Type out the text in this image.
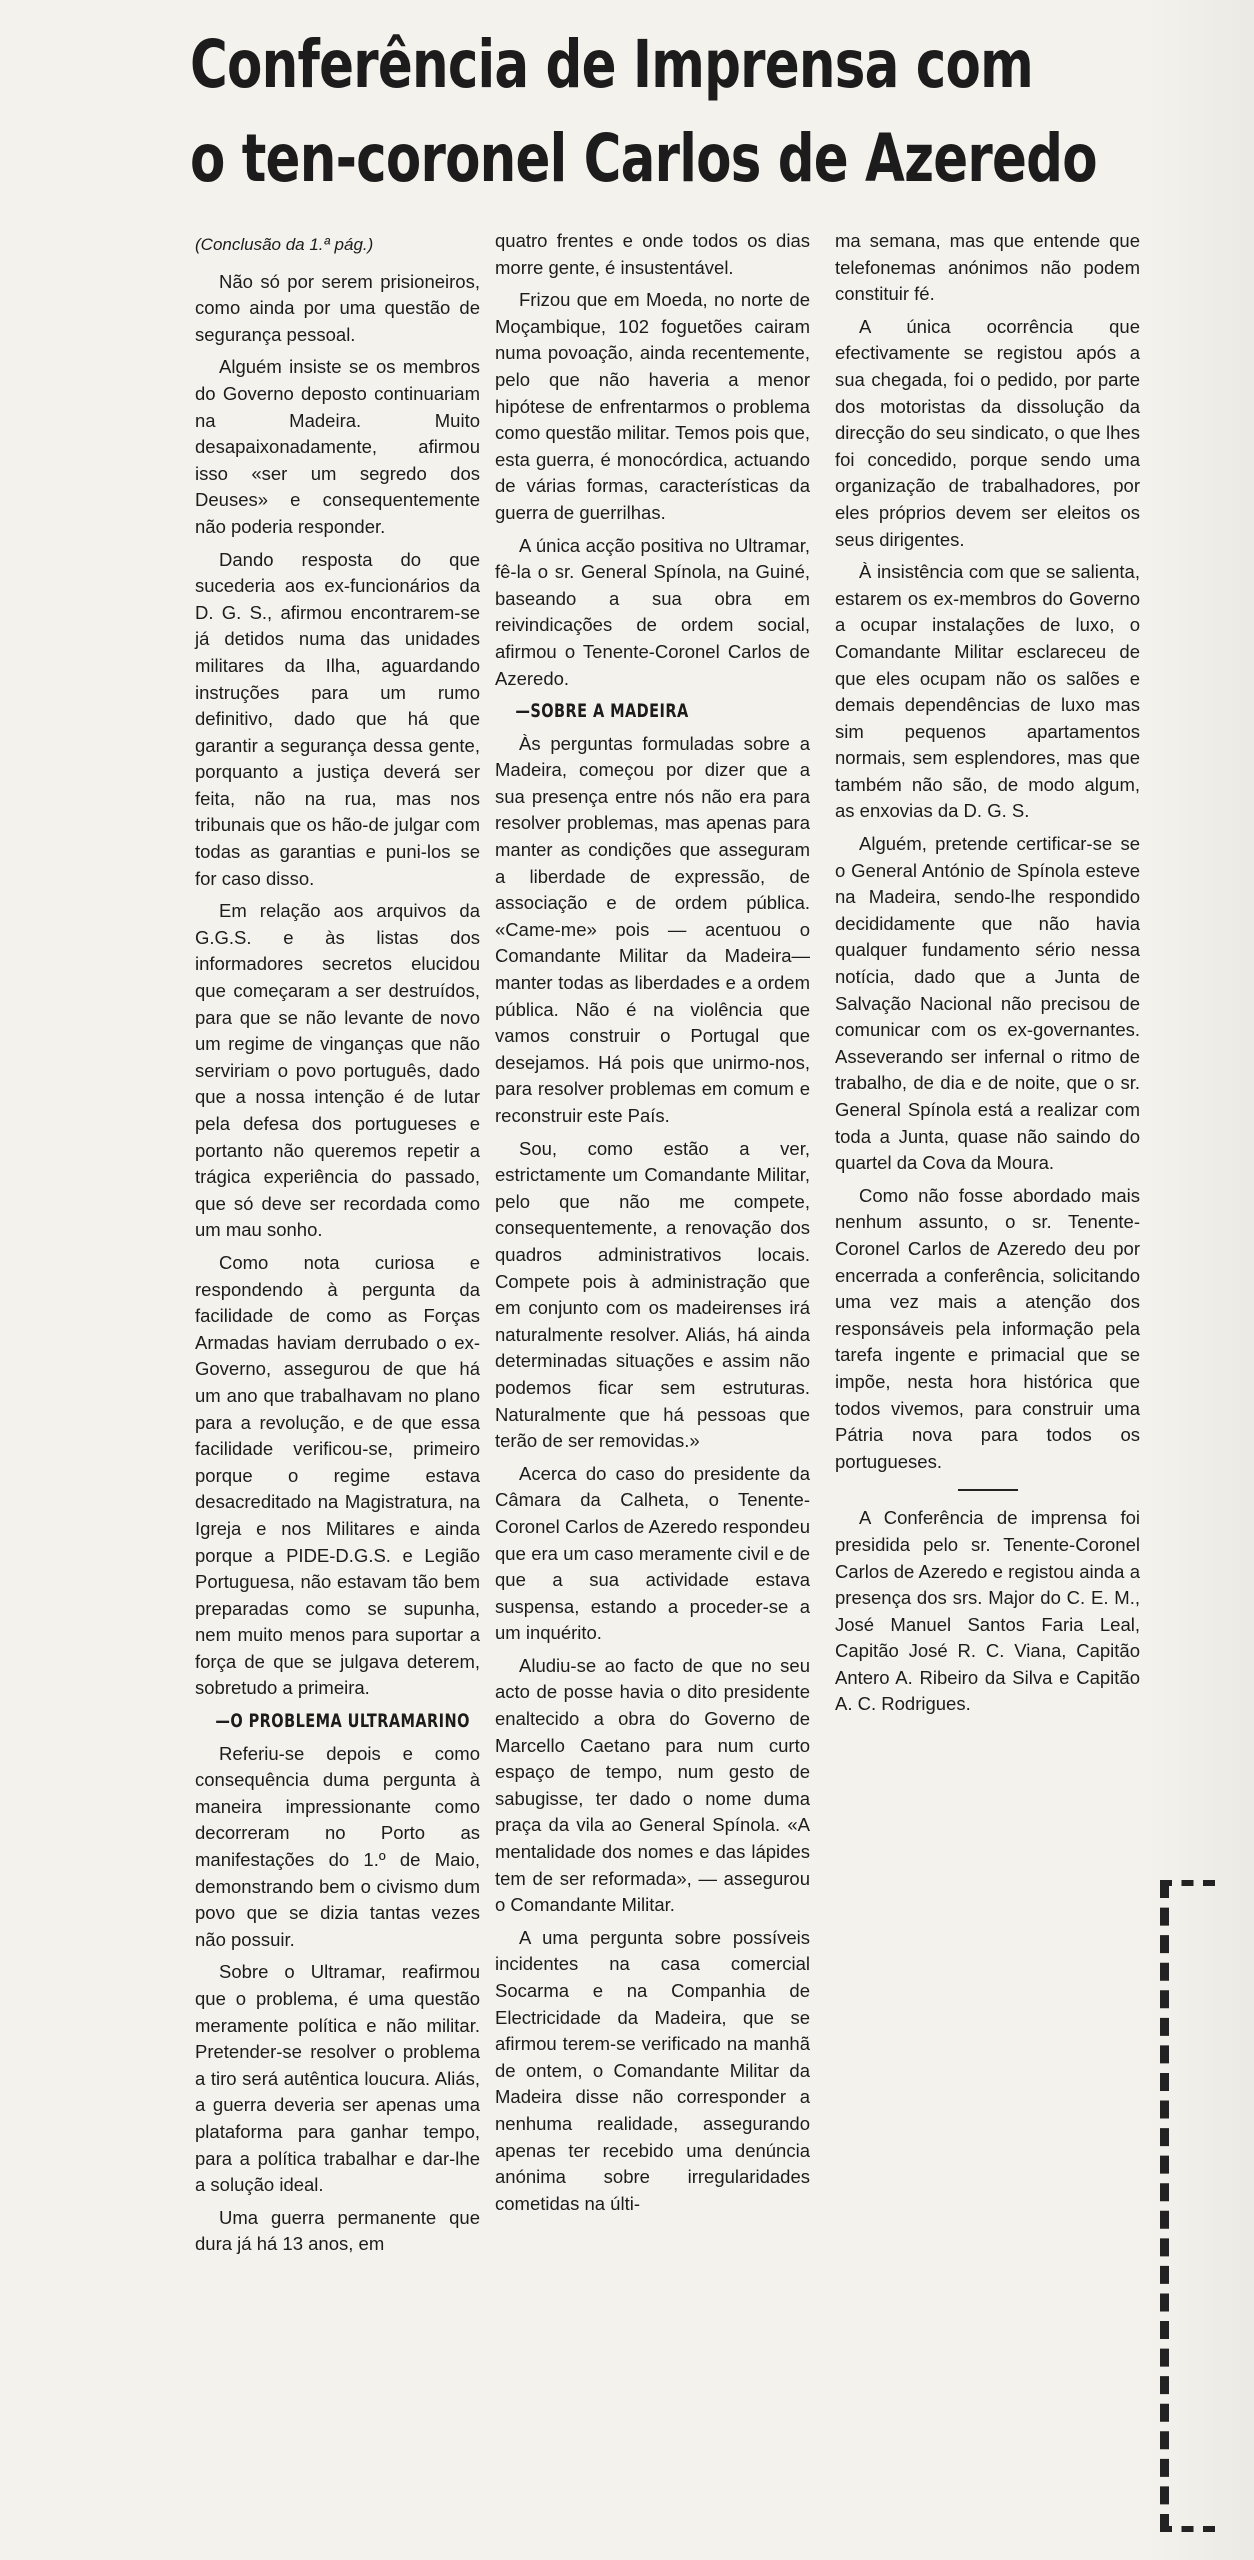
Conferência de Imprensa com
o ten-coronel Carlos de Azeredo

(Conclusão da 1.ª pág.)

Não só por serem prisioneiros, como ainda por uma questão de segurança pessoal.

Alguém insiste se os membros do Governo deposto continuariam na Madeira. Muito desapaixonadamente, afirmou isso «ser um segredo dos Deuses» e consequentemente não poderia responder.

Dando resposta do que sucederia aos ex-funcionários da D. G. S., afirmou encontrarem-se já detidos numa das unidades militares da Ilha, aguardando instruções para um rumo definitivo, dado que há que garantir a segurança dessa gente, porquanto a justiça deverá ser feita, não na rua, mas nos tribunais que os hão-de julgar com todas as garantias e puni-los se for caso disso.

Em relação aos arquivos da G.G.S. e às listas dos informadores secretos elucidou que começaram a ser destruídos, para que se não levante de novo um regime de vinganças que não serviriam o povo português, dado que a nossa intenção é de lutar pela defesa dos portugueses e portanto não queremos repetir a trágica experiência do passado, que só deve ser recordada como um mau sonho.

Como nota curiosa e respondendo à pergunta da facilidade de como as Forças Armadas haviam derrubado o ex-Governo, assegurou de que há um ano que trabalhavam no plano para a revolução, e de que essa facilidade verificou-se, primeiro porque o regime estava desacreditado na Magistratura, na Igreja e nos Militares e ainda porque a PIDE-D.G.S. e Legião Portuguesa, não estavam tão bem preparadas como se supunha, nem muito menos para suportar a força de que se julgava deterem, sobretudo a primeira.

—O PROBLEMA ULTRAMARINO

Referiu-se depois e como consequência duma pergunta à maneira impressionante como decorreram no Porto as manifestações do 1.º de Maio, demonstrando bem o civismo dum povo que se dizia tantas vezes não possuir.

Sobre o Ultramar, reafirmou que o problema, é uma questão meramente política e não militar. Pretender-se resolver o problema a tiro será autêntica loucura. Aliás, a guerra deveria ser apenas uma plataforma para ganhar tempo, para a política trabalhar e dar-lhe a solução ideal.

Uma guerra permanente que dura já há 13 anos, em

quatro frentes e onde todos os dias morre gente, é insustentável.

Frizou que em Moeda, no norte de Moçambique, 102 foguetões cairam numa povoação, ainda recentemente, pelo que não haveria a menor hipótese de enfrentarmos o problema como questão militar. Temos pois que, esta guerra, é monocórdica, actuando de várias formas, características da guerra de guerrilhas.

A única acção positiva no Ultramar, fê-la o sr. General Spínola, na Guiné, baseando a sua obra em reivindicações de ordem social, afirmou o Tenente-Coronel Carlos de Azeredo.

—SOBRE A MADEIRA

Às perguntas formuladas sobre a Madeira, começou por dizer que a sua presença entre nós não era para resolver problemas, mas apenas para manter as condições que asseguram a liberdade de expressão, de associação e de ordem pública. «Came-me» pois — acentuou o Comandante Militar da Madeira—manter todas as liberdades e a ordem pública. Não é na violência que vamos construir o Portugal que desejamos. Há pois que unirmo-nos, para resolver problemas em comum e reconstruir este País.

Sou, como estão a ver, estrictamente um Comandante Militar, pelo que não me compete, consequentemente, a renovação dos quadros administrativos locais. Compete pois à administração que em conjunto com os madeirenses irá naturalmente resolver. Aliás, há ainda determinadas situações e assim não podemos ficar sem estruturas. Naturalmente que há pessoas que terão de ser removidas.»

Acerca do caso do presidente da Câmara da Calheta, o Tenente-Coronel Carlos de Azeredo respondeu que era um caso meramente civil e de que a sua actividade estava suspensa, estando a proceder-se a um inquérito.

Aludiu-se ao facto de que no seu acto de posse havia o dito presidente enaltecido a obra do Governo de Marcello Caetano para num curto espaço de tempo, num gesto de sabugisse, ter dado o nome duma praça da vila ao General Spínola. «A mentalidade dos nomes e das lápides tem de ser reformada», — assegurou o Comandante Militar.

A uma pergunta sobre possíveis incidentes na casa comercial Socarma e na Companhia de Electricidade da Madeira, que se afirmou terem-se verificado na manhã de ontem, o Comandante Militar da Madeira disse não corresponder a nenhuma realidade, assegurando apenas ter recebido uma denúncia anónima sobre irregularidades cometidas na últi-

ma semana, mas que entende que telefonemas anónimos não podem constituir fé.

A única ocorrência que efectivamente se registou após a sua chegada, foi o pedido, por parte dos motoristas da dissolução da direcção do seu sindicato, o que lhes foi concedido, porque sendo uma organização de trabalhadores, por eles próprios devem ser eleitos os seus dirigentes.

À insistência com que se salienta, estarem os ex-membros do Governo a ocupar instalações de luxo, o Comandante Militar esclareceu de que eles ocupam não os salões e demais dependências de luxo mas sim pequenos apartamentos normais, sem esplendores, mas que também não são, de modo algum, as enxovias da D. G. S.

Alguém, pretende certificar-se se o General António de Spínola esteve na Madeira, sendo-lhe respondido decididamente que não havia qualquer fundamento sério nessa notícia, dado que a Junta de Salvação Nacional não precisou de comunicar com os ex-governantes. Asseverando ser infernal o ritmo de trabalho, de dia e de noite, que o sr. General Spínola está a realizar com toda a Junta, quase não saindo do quartel da Cova da Moura.

Como não fosse abordado mais nenhum assunto, o sr. Tenente-Coronel Carlos de Azeredo deu por encerrada a conferência, solicitando uma vez mais a atenção dos responsáveis pela informação pela tarefa ingente e primacial que se impõe, nesta hora histórica que todos vivemos, para construir uma Pátria nova para todos os portugueses.

A Conferência de imprensa foi presidida pelo sr. Tenente-Coronel Carlos de Azeredo e registou ainda a presença dos srs. Major do C. E. M., José Manuel Santos Faria Leal, Capitão José R. C. Viana, Capitão Antero A. Ribeiro da Silva e Capitão A. C. Rodrigues.
